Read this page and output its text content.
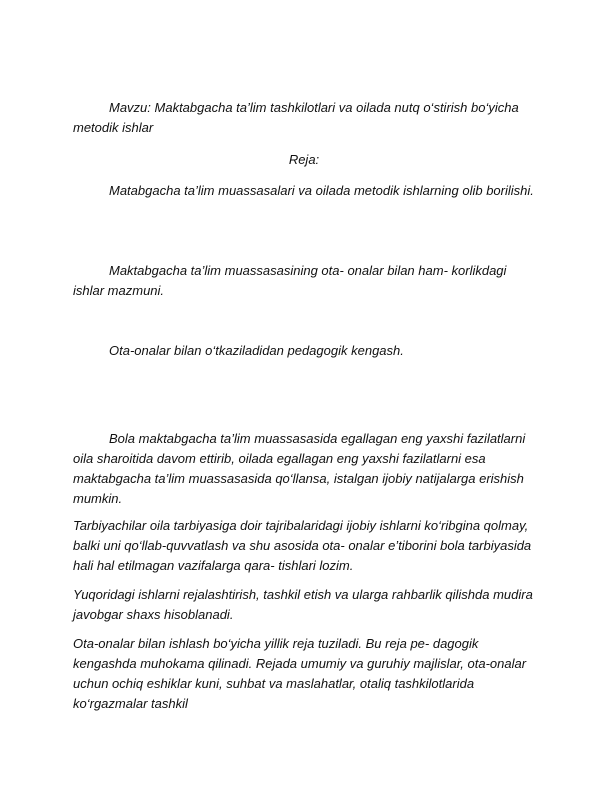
Mavzu: Maktabgacha ta’lim tashkilotlari va oilada nutq o‘stirish bo‘yicha metodik ishlar

Reja:

Matabgacha ta’lim muassasalari va oilada metodik ishlarning olib borilishi.

Maktabgacha ta’lim muassasasining ota- onalar bilan ham- korlikdagi ishlar mazmuni.

Ota-onalar bilan o‘tkaziladidan pedagogik kengash.

Bola maktabgacha ta’lim muassasasida egallagan eng yaxshi fazilatlarni oila sharoitida davom ettirib, oilada egallagan eng yaxshi fazilatlarni esa maktabgacha ta’lim muassasasida qo‘llansa, istalgan ijobiy natijalarga erishish mumkin.

Tarbiyachilar oila tarbiyasiga doir tajribalaridagi ijobiy ishlarni ko‘ribgina qolmay, balki uni qo‘llab-quvvatlash va shu asosida ota- onalar e’tiborini bola tarbiyasida hali hal etilmagan vazifalarga qara- tishlari lozim.

Yuqoridagi ishlarni rejalashtirish, tashkil etish va ularga rahbarlik qilishda mudira javobgar shaxs hisoblanadi.

Ota-onalar bilan ishlash bo‘yicha yillik reja tuziladi. Bu reja pe- dagogik kengashda muhokama qilinadi. Rejada umumiy va guruhiy majlislar, ota-onalar uchun ochiq eshiklar kuni, suhbat va maslahatlar, otaliq tashkilotlarida ko‘rgazmalar tashkil
